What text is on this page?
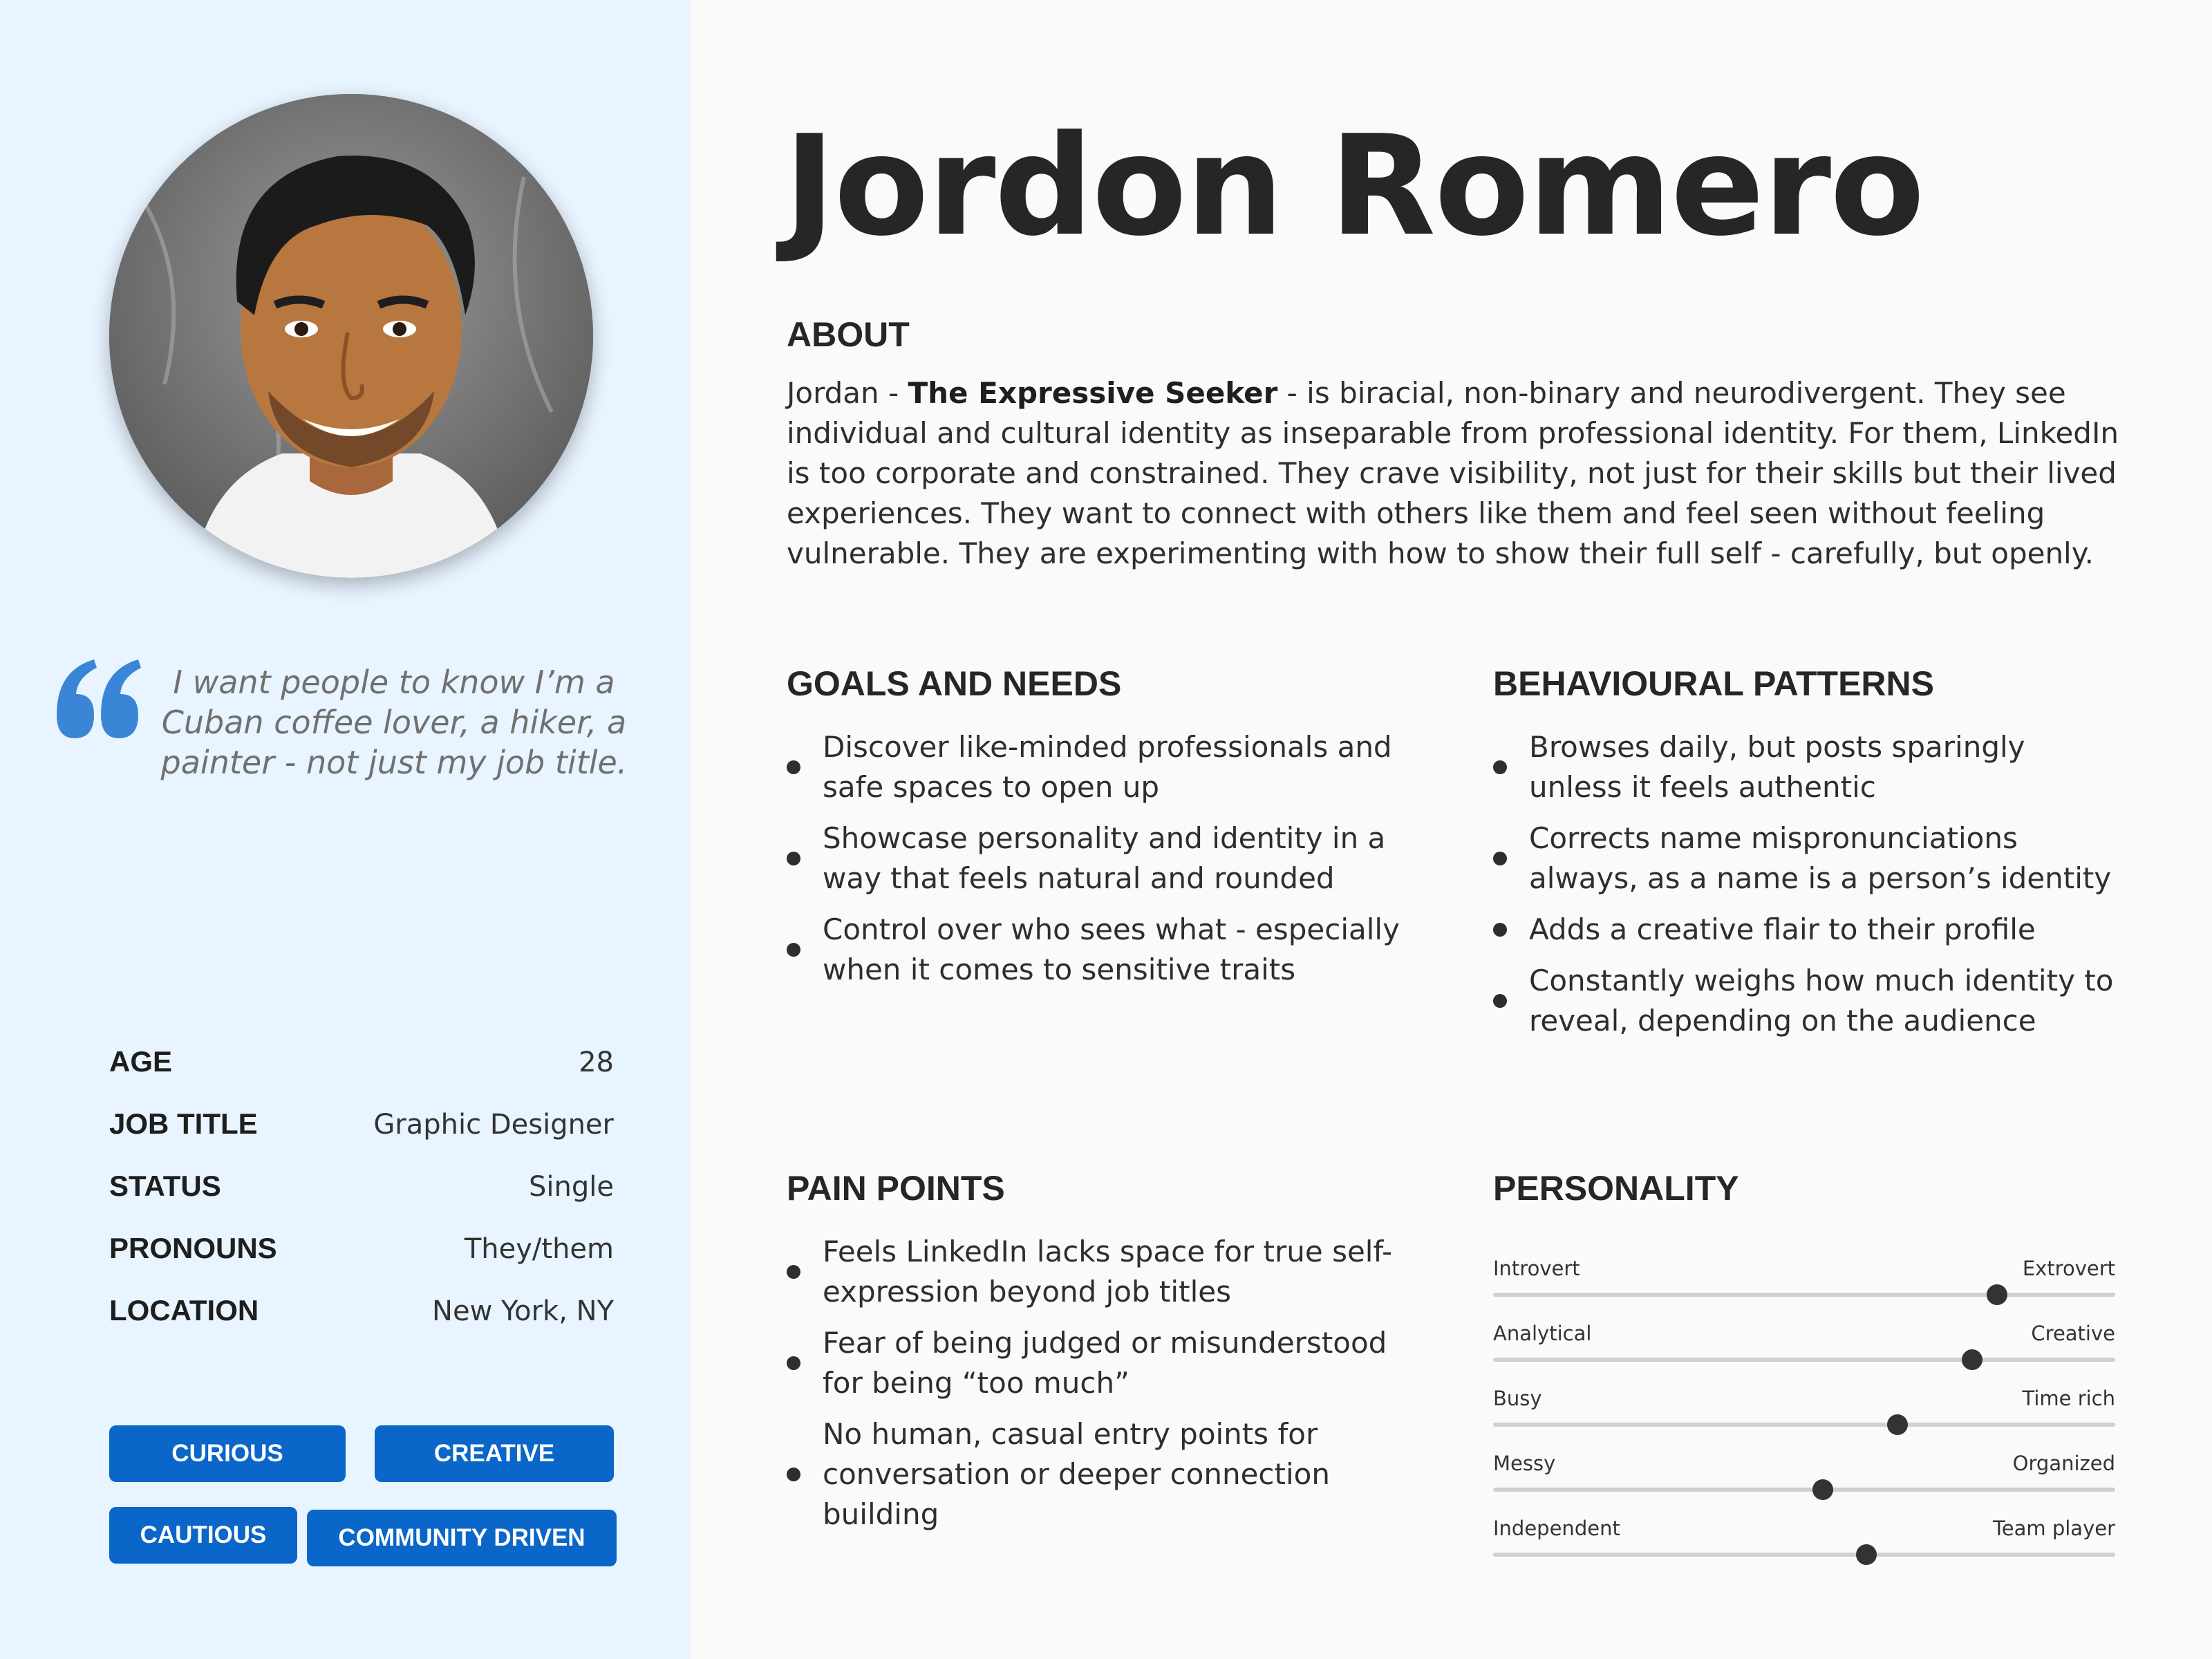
I want people to know I’m a Cuban coffee lover, a hiker, a painter - not just my job title.
AGE	28
JOB TITLE	Graphic Designer
STATUS	Single
PRONOUNS	They/them
LOCATION	New York, NY
CURIOUS	CREATIVE
CAUTIOUS	COMMUNITY DRIVEN
Jordon Romero
ABOUT
Jordan - The Expressive Seeker - is biracial, non-binary and neurodivergent. They see individual and cultural identity as inseparable from professional identity. For them, LinkedIn is too corporate and constrained. They crave visibility, not just for their skills but their lived experiences. They want to connect with others like them and feel seen without feeling vulnerable. They are experimenting with how to show their full self - carefully, but openly.
GOALS AND NEEDS
Discover like-minded professionals and safe spaces to open up
Showcase personality and identity in a way that feels natural and rounded
Control over who sees what - especially when it comes to sensitive traits
BEHAVIOURAL PATTERNS
Browses daily, but posts sparingly unless it feels authentic
Corrects name mispronunciations always, as a name is a person’s identity
Adds a creative flair to their profile
Constantly weighs how much identity to reveal, depending on the audience
PAIN POINTS
Feels LinkedIn lacks space for true self-expression beyond job titles
Fear of being judged or misunderstood for being “too much”
No human, casual entry points for conversation or deeper connection building
PERSONALITY
Introvert	Extrovert
Analytical	Creative
Busy	Time rich
Messy	Organized
Independent	Team player
